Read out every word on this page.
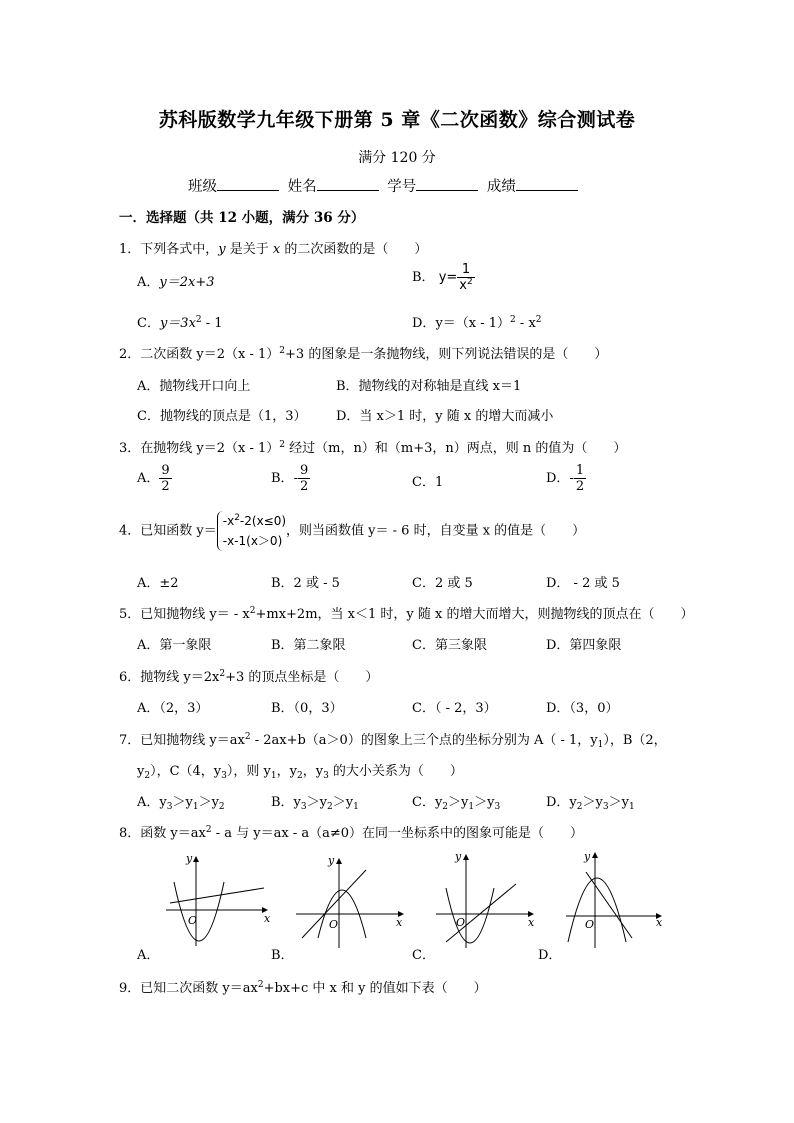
苏科版数学九年级下册第 5 章《二次函数》综合测试卷
满分 120 分
班级	姓名	学号	成绩
一．选择题（共 12 小题，满分 36 分）
1．下列各式中，y 是关于 x 的二次函数的是（　　）
A．y＝2x+3	B． $y= \frac{1}{x^2}$
C．$y=3x^2 - 1$	D．$y=(x - 1)^2 - x^2$
2．二次函数 y＝2（x - 1）$^2$+3 的图象是一条抛物线，则下列说法错误的是（　　）
A．抛物线开口向上	B．抛物线的对称轴是直线 x＝1
C．抛物线的顶点是（1，3） D．当 x＞1 时，y 随 x 的增大而减小
3．在抛物线 y＝2（x - 1）$^2$ 经过（m，n）和（m+3，n）两点，则 n 的值为（　　）
A． $\frac{9}{2}$	B．- $\frac{9}{2}$	C．1	D．- $\frac{1}{2}$
4．已知函数 y＝
$-x^2-2(x\le 0)$
-x-1(x＞0)
，则当函数值 y＝ - 6 时，自变量 x 的值是（　　）
A．±2	B．2 或 - 5	C．2 或 5	D． - 2 或 5
5．已知抛物线 $y= - x^2+mx+2m$，当 x＜1 时，y 随 x 的增大而增大，则抛物线的顶点在（　　）
A．第一象限	B．第二象限	C．第三象限	D．第四象限
6．抛物线 $y=2x^2+3$ 的顶点坐标是（　　）
A．（2，3）	B．（0，3）	C．（ - 2，3）	D．（3，0）
7．已知抛物线 $y=ax^2 - 2ax+b(a>0)$的图象上三个点的坐标分别为 A（ - 1，$y_1$），B（2，
$y_2$），C（4，$y_3$），则 $y_1$，$y_2$，$y_3$ 的大小关系为（　　）
A．$y_3>y_1>y_2$	B．$y_3>y_2>y_1$	C．$y_2>y_1>y_3$	D．$y_2>y_3>y_1$
8．函数 $y=ax^2 - a$ 与 y＝ax - a（a≠0）在同一坐标系中的图象可能是（　　）
x
y
O
A．
x
y
O
B．
x
y
O
C．
x
y
O
D．
9．已知二次函数 $y=ax^2+bx+c$ 中 x 和 y 的值如下表（　　）
